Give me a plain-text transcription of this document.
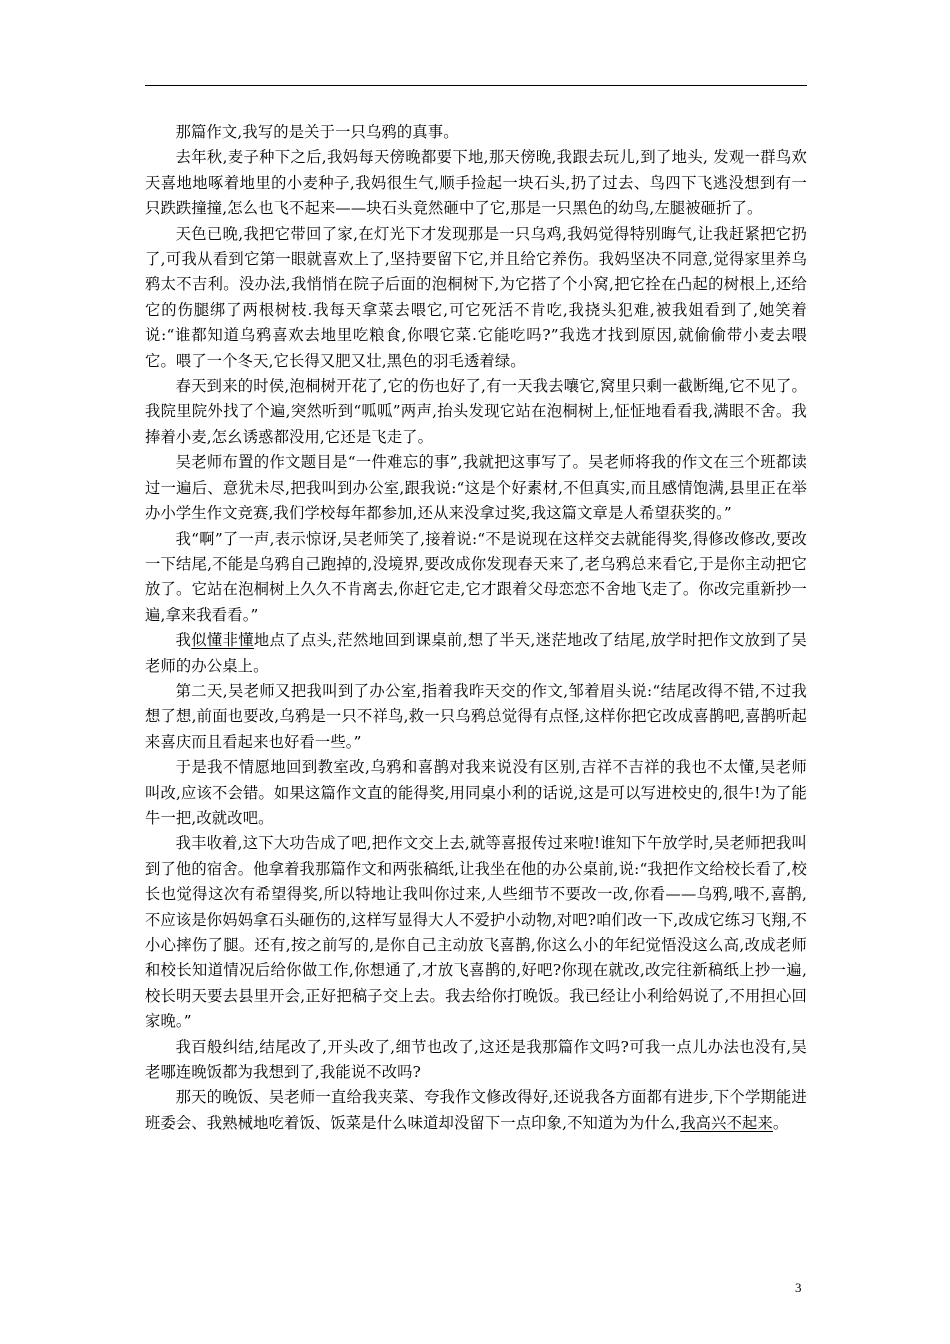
那篇作文,我写的是关于一只乌鸦的真事。

去年秋,麦子种下之后,我妈每天傍晚都要下地,那天傍晚,我跟去玩儿,到了地头, 发观一群鸟欢天喜地地啄着地里的小麦种子,我妈很生气,顺手捡起一块石头,扔了过去、鸟四下飞逃没想到有一只跌跌撞撞,怎么也飞不起来——块石头竟然砸中了它,那是一只黑色的幼鸟,左腿被砸折了。

天色已晚,我把它带回了家,在灯光下才发现那是一只乌鸡,我妈觉得特别晦气,让我赶紧把它扔了,可我从看到它第一眼就喜欢上了,坚持要留下它,并且给它养伤。我妈坚决不同意,觉得家里养乌鸦太不吉利。没办法,我悄悄在院子后面的泡桐树下,为它搭了个小窝,把它拴在凸起的树根上,还给它的伤腿绑了两根树枝.我每天拿菜去喂它,可它死活不肯吃,我挠头犯难,被我姐看到了,她笑着说:“谁都知道乌鸦喜欢去地里吃粮食,你喂它菜.它能吃吗?”我选才找到原因,就偷偷带小麦去喂它。喂了一个冬天,它长得又肥又壮,黑色的羽毛透着绿。

春天到来的时侯,泡桐树开花了,它的伤也好了,有一天我去嚷它,窝里只剩一截断绳,它不见了。我院里院外找了个遍,突然听到“呱呱”两声,抬头发现它站在泡桐树上,怔怔地看看我,满眼不舍。我捧着小麦,怎幺诱惑都没用,它还是飞走了。

吴老师布置的作文题目是“一件难忘的事”,我就把这事写了。吴老师将我的作文在三个班都读过一遍后、意犹未尽,把我叫到办公室,跟我说:“这是个好素材,不但真实,而且感情饱满,县里正在举办小学生作文竞赛,我们学校每年都参加,还从来没拿过奖,我这篇文章是人希望获奖的。”

我“啊”了一声,表示惊讶,吴老师笑了,接着说:“不是说现在这样交去就能得奖,得修改修改,要改一下结尾,不能是乌鸦自己跑掉的,没境界,要改成你发现春天来了,老乌鸦总来看它,于是你主动把它放了。它站在泡桐树上久久不肯离去,你赶它走,它才跟着父母恋恋不舍地飞走了。你改完重新抄一遍,拿来我看看。”

我似懂非懂地点了点头,茫然地回到课桌前,想了半天,迷茫地改了结尾,放学时把作文放到了吴老师的办公桌上。

第二天,吴老师又把我叫到了办公室,指着我昨天交的作文,邹着眉头说:“结尾改得不错,不过我想了想,前面也要改,乌鸦是一只不祥鸟,救一只乌鸦总觉得有点怪,这样你把它改成喜鹊吧,喜鹊听起来喜庆而且看起来也好看一些。”

于是我不情愿地回到教室改,乌鸦和喜鹊对我来说没有区别,吉祥不吉祥的我也不太懂,吴老师叫改,应该不会错。如果这篇作文直的能得奖,用同桌小利的话说,这是可以写进校史的,很牛!为了能牛一把,改就改吧。

我丰收着,这下大功告成了吧,把作文交上去,就等喜报传过来啦!谁知下午放学时,吴老师把我叫到了他的宿舍。他拿着我那篇作文和两张稿纸,让我坐在他的办公桌前,说:“我把作文给校长看了,校长也觉得这次有希望得奖,所以特地让我叫你过来,人些细节不要改一改,你看——乌鸦,哦不,喜鹊,不应该是你妈妈拿石头砸伤的,这样写显得大人不爱护小动物,对吧?咱们改一下,改成它练习飞翔,不小心摔伤了腿。还有,按之前写的,是你自己主动放飞喜鹊,你这么小的年纪觉悟没这么高,改成老师和校长知道情况后给你做工作,你想通了,才放飞喜鹊的,好吧?你现在就改,改完往新稿纸上抄一遍,校长明天要去县里开会,正好把稿子交上去。我去给你打晚饭。我已经让小利给妈说了,不用担心回家晚。”

我百般纠结,结尾改了,开头改了,细节也改了,这还是我那篇作文吗?可我一点儿办法也没有,吴老哪连晚饭都为我想到了,我能说不改吗?

那天的晚饭、吴老师一直给我夹菜、夸我作文修改得好,还说我各方面都有进步,下个学期能进班委会、我熟械地吃着饭、饭菜是什么味道却没留下一点印象,不知道为为什么,我高兴不起来。

3
